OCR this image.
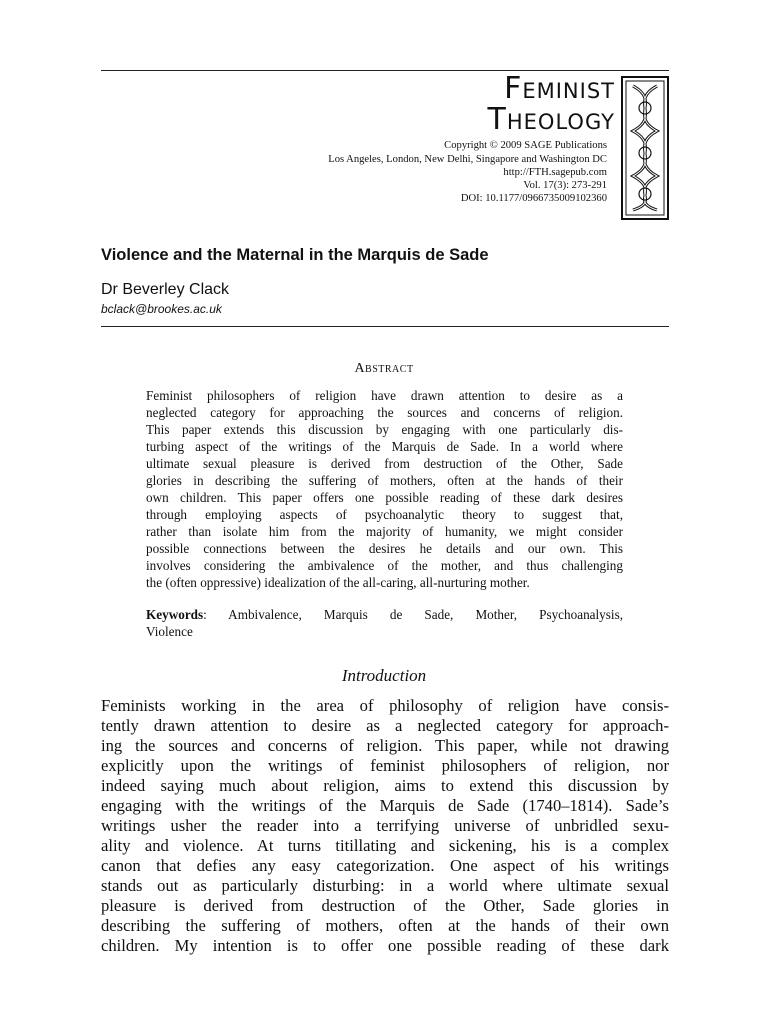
Feminist
Theology
Copyright © 2009 SAGE Publications
Los Angeles, London, New Delhi, Singapore and Washington DC
http://FTH.sagepub.com
Vol. 17(3): 273-291
DOI: 10.1177/0966735009102360
Violence and the Maternal in the Marquis de Sade
Dr Beverley Clack
bclack@brookes.ac.uk
Abstract
Feminist philosophers of religion have drawn attention to desire as a
neglected category for approaching the sources and concerns of religion.
This paper extends this discussion by engaging with one particularly dis-
turbing aspect of the writings of the Marquis de Sade. In a world where
ultimate sexual pleasure is derived from destruction of the Other, Sade
glories in describing the suffering of mothers, often at the hands of their
own children. This paper offers one possible reading of these dark desires
through employing aspects of psychoanalytic theory to suggest that,
rather than isolate him from the majority of humanity, we might consider
possible connections between the desires he details and our own. This
involves considering the ambivalence of the mother, and thus challenging
the (often oppressive) idealization of the all-caring, all-nurturing mother.
Keywords: Ambivalence, Marquis de Sade, Mother, Psychoanalysis,
Violence
Introduction
Feminists working in the area of philosophy of religion have consis-
tently drawn attention to desire as a neglected category for approach-
ing the sources and concerns of religion. This paper, while not drawing
explicitly upon the writings of feminist philosophers of religion, nor
indeed saying much about religion, aims to extend this discussion by
engaging with the writings of the Marquis de Sade (1740–1814). Sade’s
writings usher the reader into a terrifying universe of unbridled sexu-
ality and violence. At turns titillating and sickening, his is a complex
canon that defies any easy categorization. One aspect of his writings
stands out as particularly disturbing: in a world where ultimate sexual
pleasure is derived from destruction of the Other, Sade glories in
describing the suffering of mothers, often at the hands of their own
children. My intention is to offer one possible reading of these dark
